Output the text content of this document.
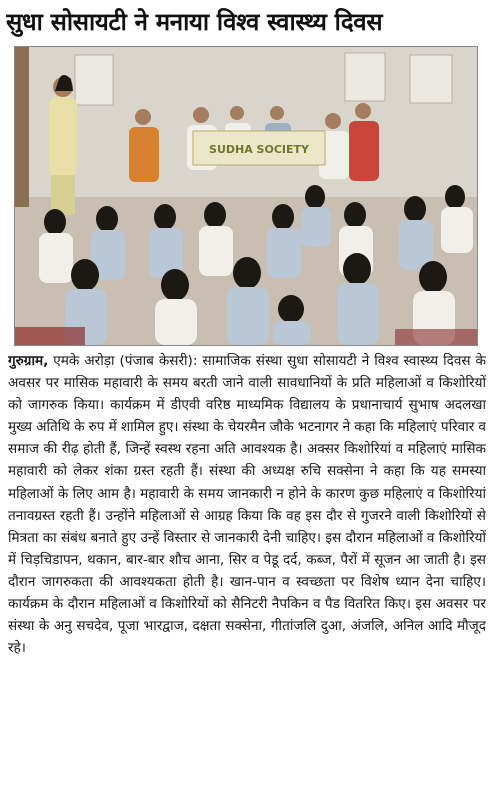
सुधा सोसायटी ने मनाया विश्व स्वास्थ्य दिवस
SUDHA SOCIETY
गुरुग्राम, एमके अरोड़ा (पंजाब केसरी): सामाजिक संस्था सुधा सोसायटी ने विश्व स्वास्थ्य दिवस के अवसर पर मासिक महावारी के समय बरती जाने वाली सावधानियों के प्रति महिलाओं व किशोरियों को जागरुक किया। कार्यक्रम में डीएवी वरिष्ठ माध्यमिक विद्यालय के प्रधानाचार्य सुभाष अदलखा मुख्य अतिथि के रुप में शामिल हुए। संस्था के चेयरमैन जौके भटनागर ने कहा कि महिलाएं परिवार व समाज की रीढ़ होती हैं, जिन्हें स्वस्थ रहना अति आवश्यक है। अक्सर किशोरियां व महिलाएं मासिक महावारी को लेकर शंका ग्रस्त रहती हैं। संस्था की अध्यक्ष रुचि सक्सेना ने कहा कि यह समस्या महिलाओं के लिए आम है। महावारी के समय जानकारी न होने के कारण कुछ महिलाएं व किशोरियां तनावग्रस्त रहती हैं। उन्होंने महिलाओं से आग्रह किया कि वह इस दौर से गुजरने वाली किशोरियों से मित्रता का संबंध बनाते हुए उन्हें विस्तार से जानकारी देनी चाहिए। इस दौरान महिलाओं व किशोरियों में चिड़चिडापन, थकान, बार-बार शौच आना, सिर व पेडू दर्द, कब्ज, पैरों में सूजन आ जाती है। इस दौरान जागरुकता की आवश्यकता होती है। खान-पान व स्वच्छता पर विशेष ध्यान देना चाहिए। कार्यक्रम के दौरान महिलाओं व किशोरियों को सैनिटरी नैपकिन व पैड वितरित किए। इस अवसर पर संस्था के अनु सचदेव, पूजा भारद्वाज, दक्षता सक्सेना, गीतांजलि दुआ, अंजलि, अनिल आदि मौजूद रहे।
